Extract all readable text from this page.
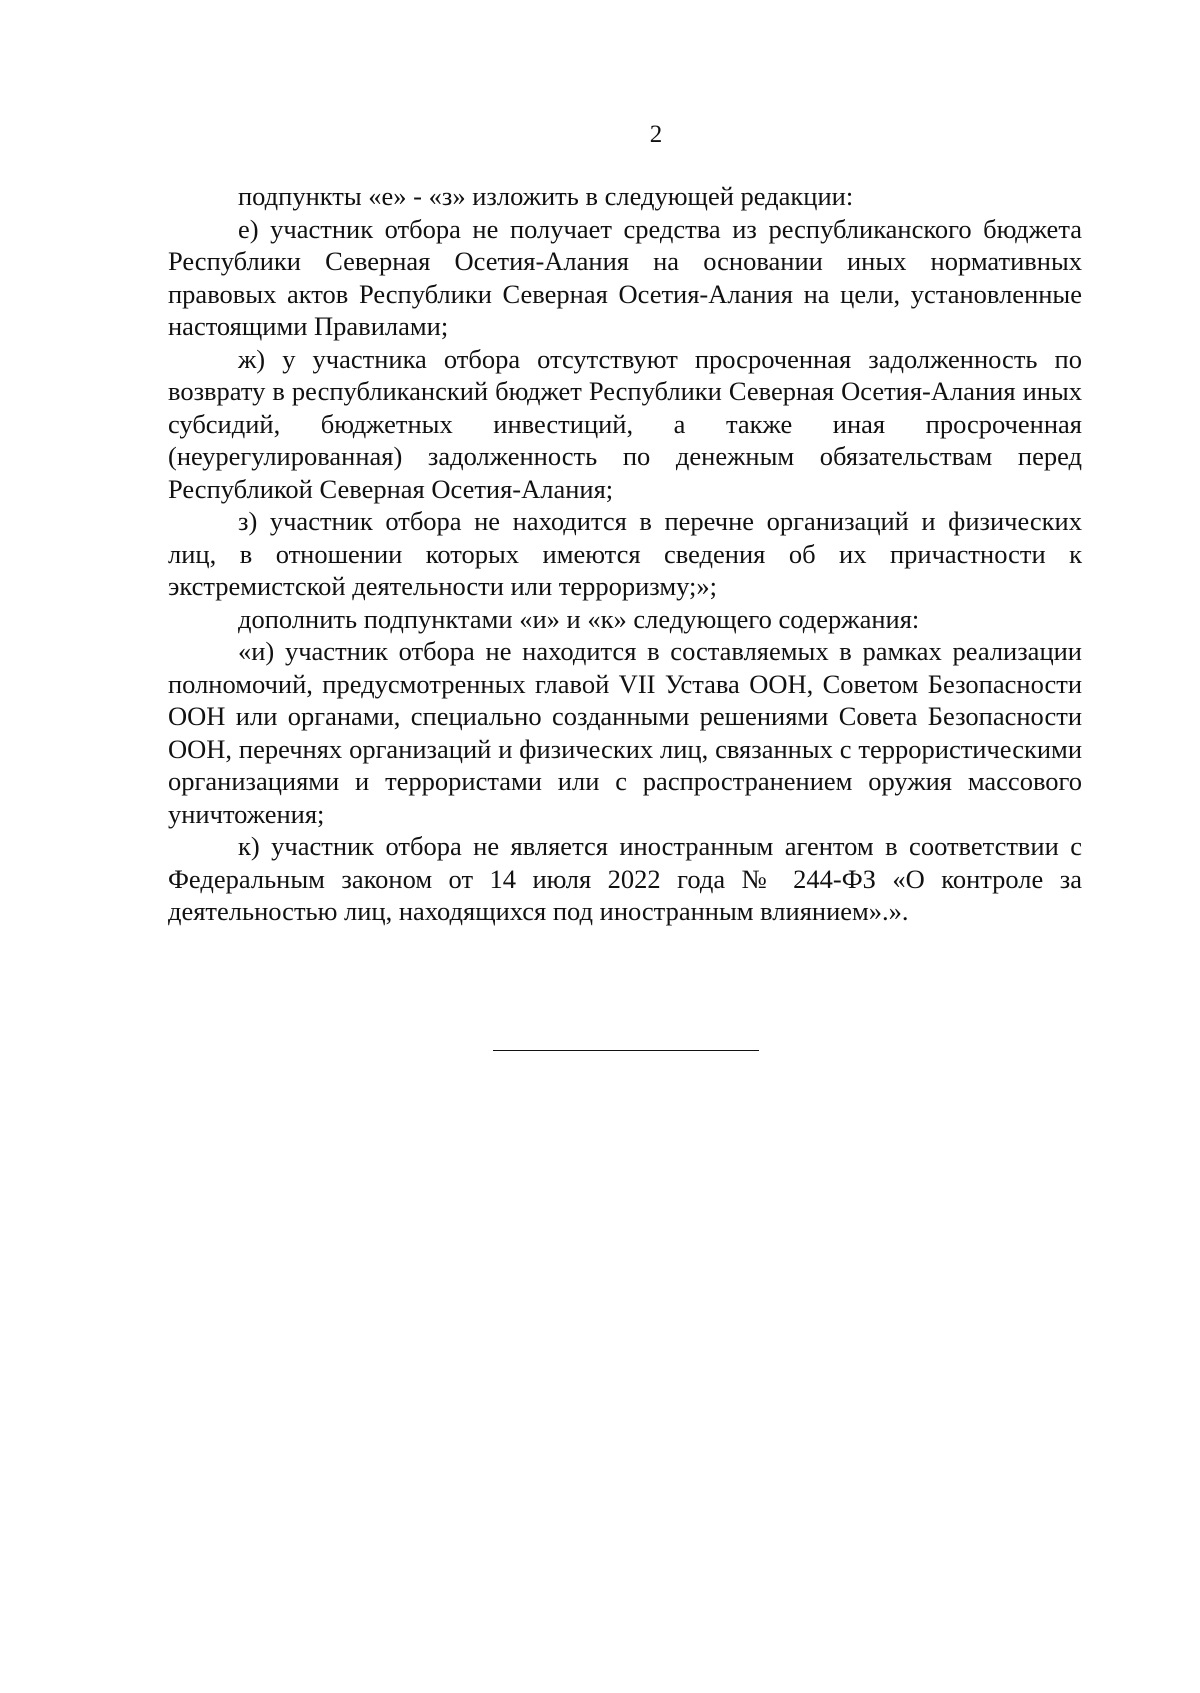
2

подпункты «е» - «з» изложить в следующей редакции:

е) участник отбора не получает средства из республиканского бюджета Республики Северная Осетия-Алания на основании иных нормативных правовых актов Республики Северная Осетия-Алания на цели, установленные настоящими Правилами;

ж) у участника отбора отсутствуют просроченная задолженность по возврату в республиканский бюджет Республики Северная Осетия-Алания иных субсидий, бюджетных инвестиций, а также иная просроченная (неурегулированная) задолженность по денежным обязательствам перед Республикой Северная Осетия-Алания;

з) участник отбора не находится в перечне организаций и физических лиц, в отношении которых имеются сведения об их причастности к экстремистской деятельности или терроризму;»;

дополнить подпунктами «и» и «к» следующего содержания:

«и) участник отбора не находится в составляемых в рамках реализации полномочий, предусмотренных главой VII Устава ООН, Советом Безопасности ООН или органами, специально созданными решениями Совета Безопасности ООН, перечнях организаций и физических лиц, связанных с террористическими организациями и террористами или с распространением оружия массового уничтожения;

к) участник отбора не является иностранным агентом в соответствии с Федеральным законом от 14 июля 2022 года № 244-ФЗ «О контроле за деятельностью лиц, находящихся под иностранным влиянием».».
